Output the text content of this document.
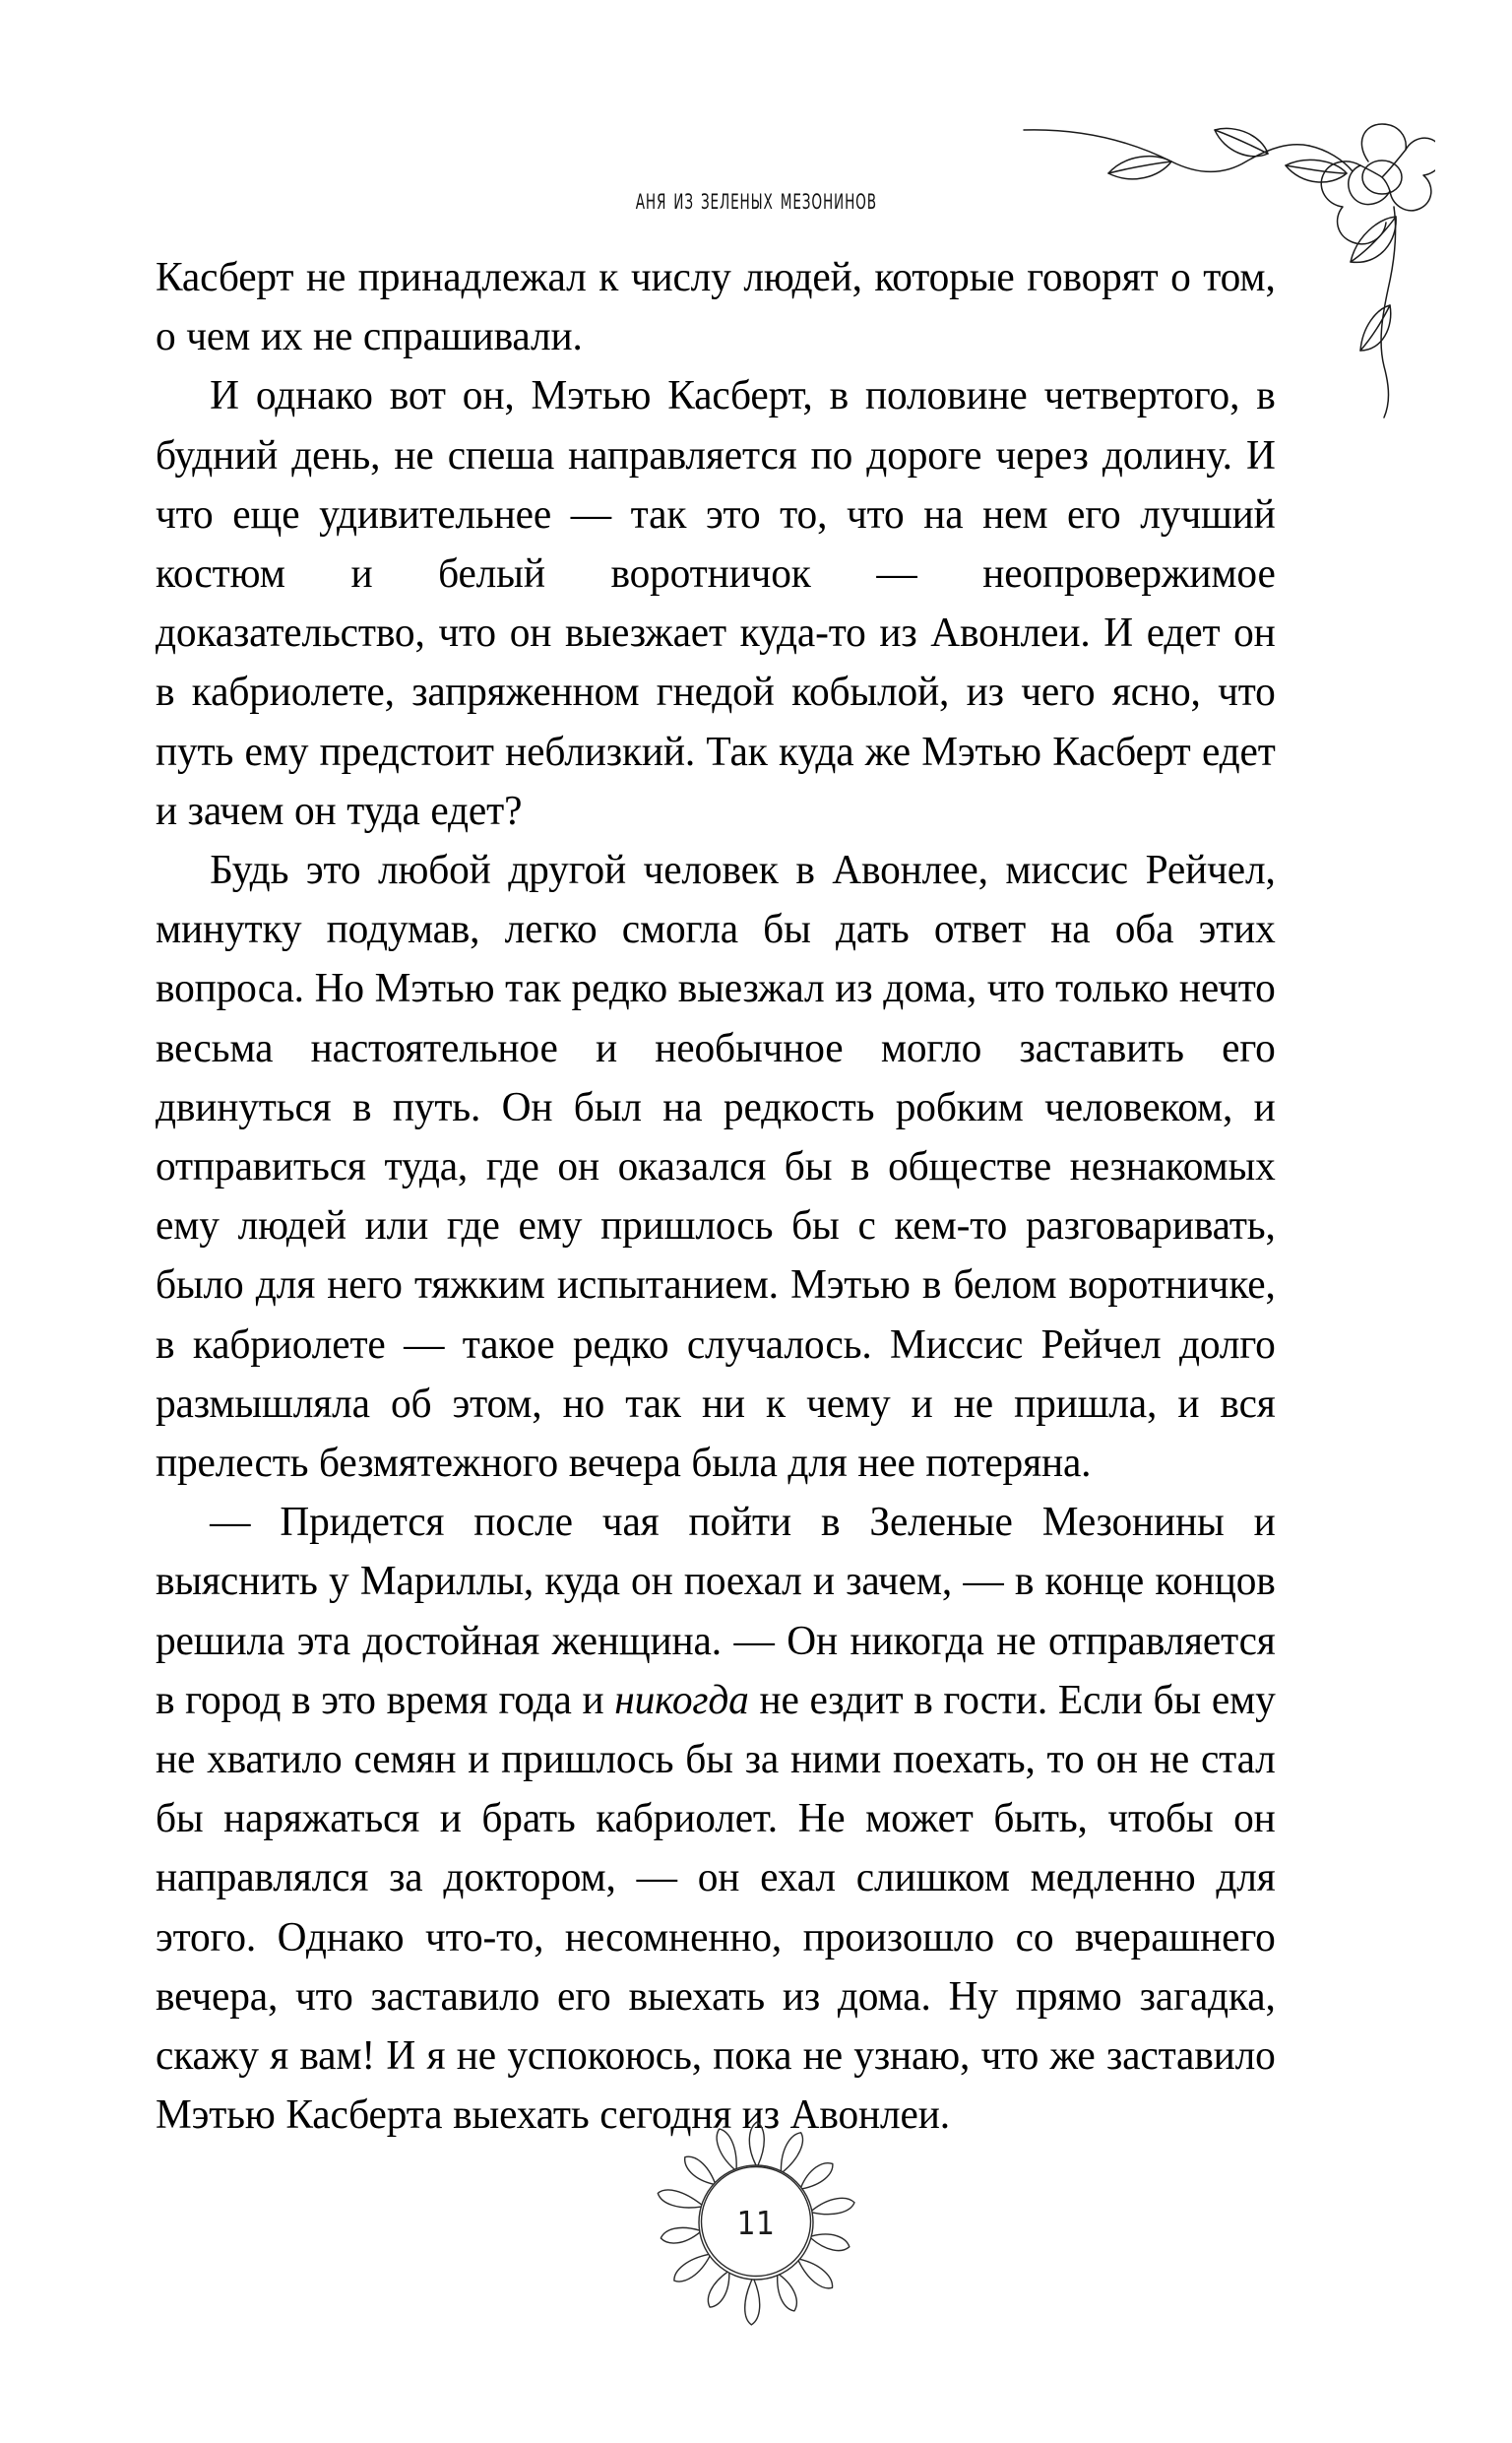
аня из зеленых мезонинов

Касберт не принадлежал к числу людей, которые говорят о том, о чем их не спрашивали.

И однако вот он, Мэтью Касберт, в половине четвертого, в будний день, не спеша направляется по дороге через долину. И что еще удивительнее — так это то, что на нем его лучший костюм и белый воротничок — неопровержимое доказательство, что он выезжает куда-то из Авонлеи. И едет он в кабриолете, запряженном гнедой кобылой, из чего ясно, что путь ему предстоит неблизкий. Так куда же Мэтью Касберт едет и зачем он туда едет?

Будь это любой другой человек в Авонлее, миссис Рейчел, минутку подумав, легко смогла бы дать ответ на оба этих вопроса. Но Мэтью так редко выезжал из дома, что только нечто весьма настоятельное и необычное могло заставить его двинуться в путь. Он был на редкость робким человеком, и отправиться туда, где он оказался бы в обществе незнакомых ему людей или где ему пришлось бы с кем-то разговаривать, было для него тяжким испытанием. Мэтью в белом воротничке, в кабриолете — такое редко случалось. Миссис Рейчел долго размышляла об этом, но так ни к чему и не пришла, и вся прелесть безмятежного вечера была для нее потеряна.

— Придется после чая пойти в Зеленые Мезонины и выяснить у Мариллы, куда он поехал и зачем, — в конце концов решила эта достойная женщина. — Он никогда не отправляется в город в это время года и никогда не ездит в гости. Если бы ему не хватило семян и пришлось бы за ними поехать, то он не стал бы наряжаться и брать кабриолет. Не может быть, чтобы он направлялся за доктором, — он ехал слишком медленно для этого. Однако что-то, несомненно, произошло со вчерашнего вечера, что заставило его выехать из дома. Ну прямо загадка, скажу я вам! И я не успокоюсь, пока не узнаю, что же заставило Мэтью Касберта выехать сегодня из Авонлеи.

11
